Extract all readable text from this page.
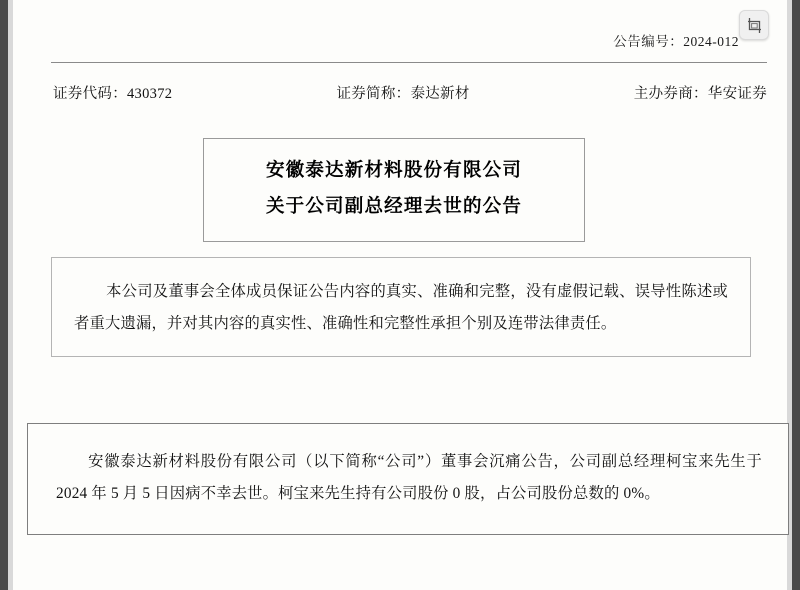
公告编号：2024-012
证券代码：430372	证券简称：泰达新材	主办券商：华安证券
安徽泰达新材料股份有限公司
关于公司副总经理去世的公告
本公司及董事会全体成员保证公告内容的真实、准确和完整，没有虚假记载、误导性陈述或者重大遗漏，并对其内容的真实性、准确性和完整性承担个别及连带法律责任。
安徽泰达新材料股份有限公司（以下简称“公司”）董事会沉痛公告，公司副总经理柯宝来先生于 2024 年 5 月 5 日因病不幸去世。柯宝来先生持有公司股份 0 股，占公司股份总数的 0%。
